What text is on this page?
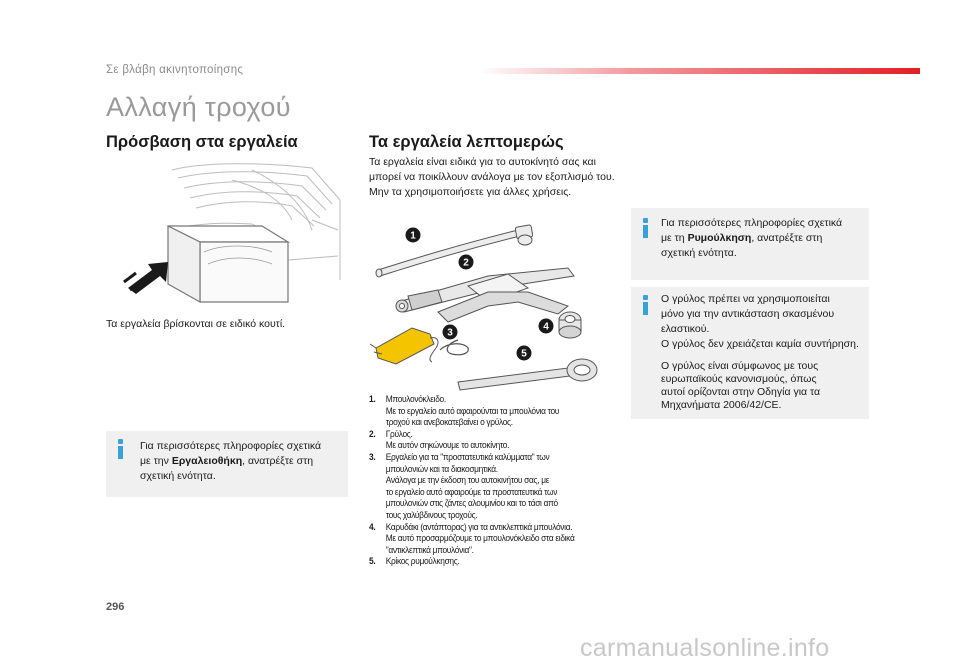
Σε βλάβη ακινητοποίησης
Αλλαγή τροχού
Πρόσβαση στα εργαλεία
Τα εργαλεία βρίσκονται σε ειδικό κουτί.
Για περισσότερες πληροφορίες σχετικά
με την Εργαλειοθήκη, ανατρέξτε στη
σχετική ενότητα.
Τα εργαλεία λεπτομερώς
Τα εργαλεία είναι ειδικά για το αυτοκίνητό σας και μπορεί να ποικίλλουν ανάλογα με τον εξοπλισμό του. Μην τα χρησιμοποιήσετε για άλλες χρήσεις.
1
2
3
4
5
1. Μπουλονόκλειδο.
Με το εργαλείο αυτό αφαιρούνται τα μπουλόνια του
τροχού και ανεβοκατεβαίνει ο γρύλος.
2. Γρύλος.
Με αυτόν σηκώνουμε το αυτοκίνητο.
3. Εργαλείο για τα "προστατευτικά καλύμματα" των
μπουλονιών και τα διακοσμητικά.
Ανάλογα με την έκδοση του αυτοκινήτου σας, με
το εργαλείο αυτό αφαιρούμε τα προστατευτικά των
μπουλονιών στις ζάντες αλουμινίου και το τάσι από
τους χαλύβδινους τροχούς.
4. Καρυδάκι (αντάπτορας) για τα αντικλεπτικά μπουλόνια.
Με αυτό προσαρμόζουμε το μπουλονόκλειδο στα ειδικά
"αντικλεπτικά μπουλόνια".
5. Κρίκος ρυμούλκησης.
Για περισσότερες πληροφορίες σχετικά
με τη Ρυμούλκηση, ανατρέξτε στη
σχετική ενότητα.
Ο γρύλος πρέπει να χρησιμοποιείται
μόνο για την αντικάσταση σκασμένου
ελαστικού.
Ο γρύλος δεν χρειάζεται καμία συντήρηση.
Ο γρύλος είναι σύμφωνος με τους
ευρωπαϊκούς κανονισμούς, όπως
αυτοί ορίζονται στην Οδηγία για τα
Μηχανήματα 2006/42/CE.
296
carmanualsonline.info
